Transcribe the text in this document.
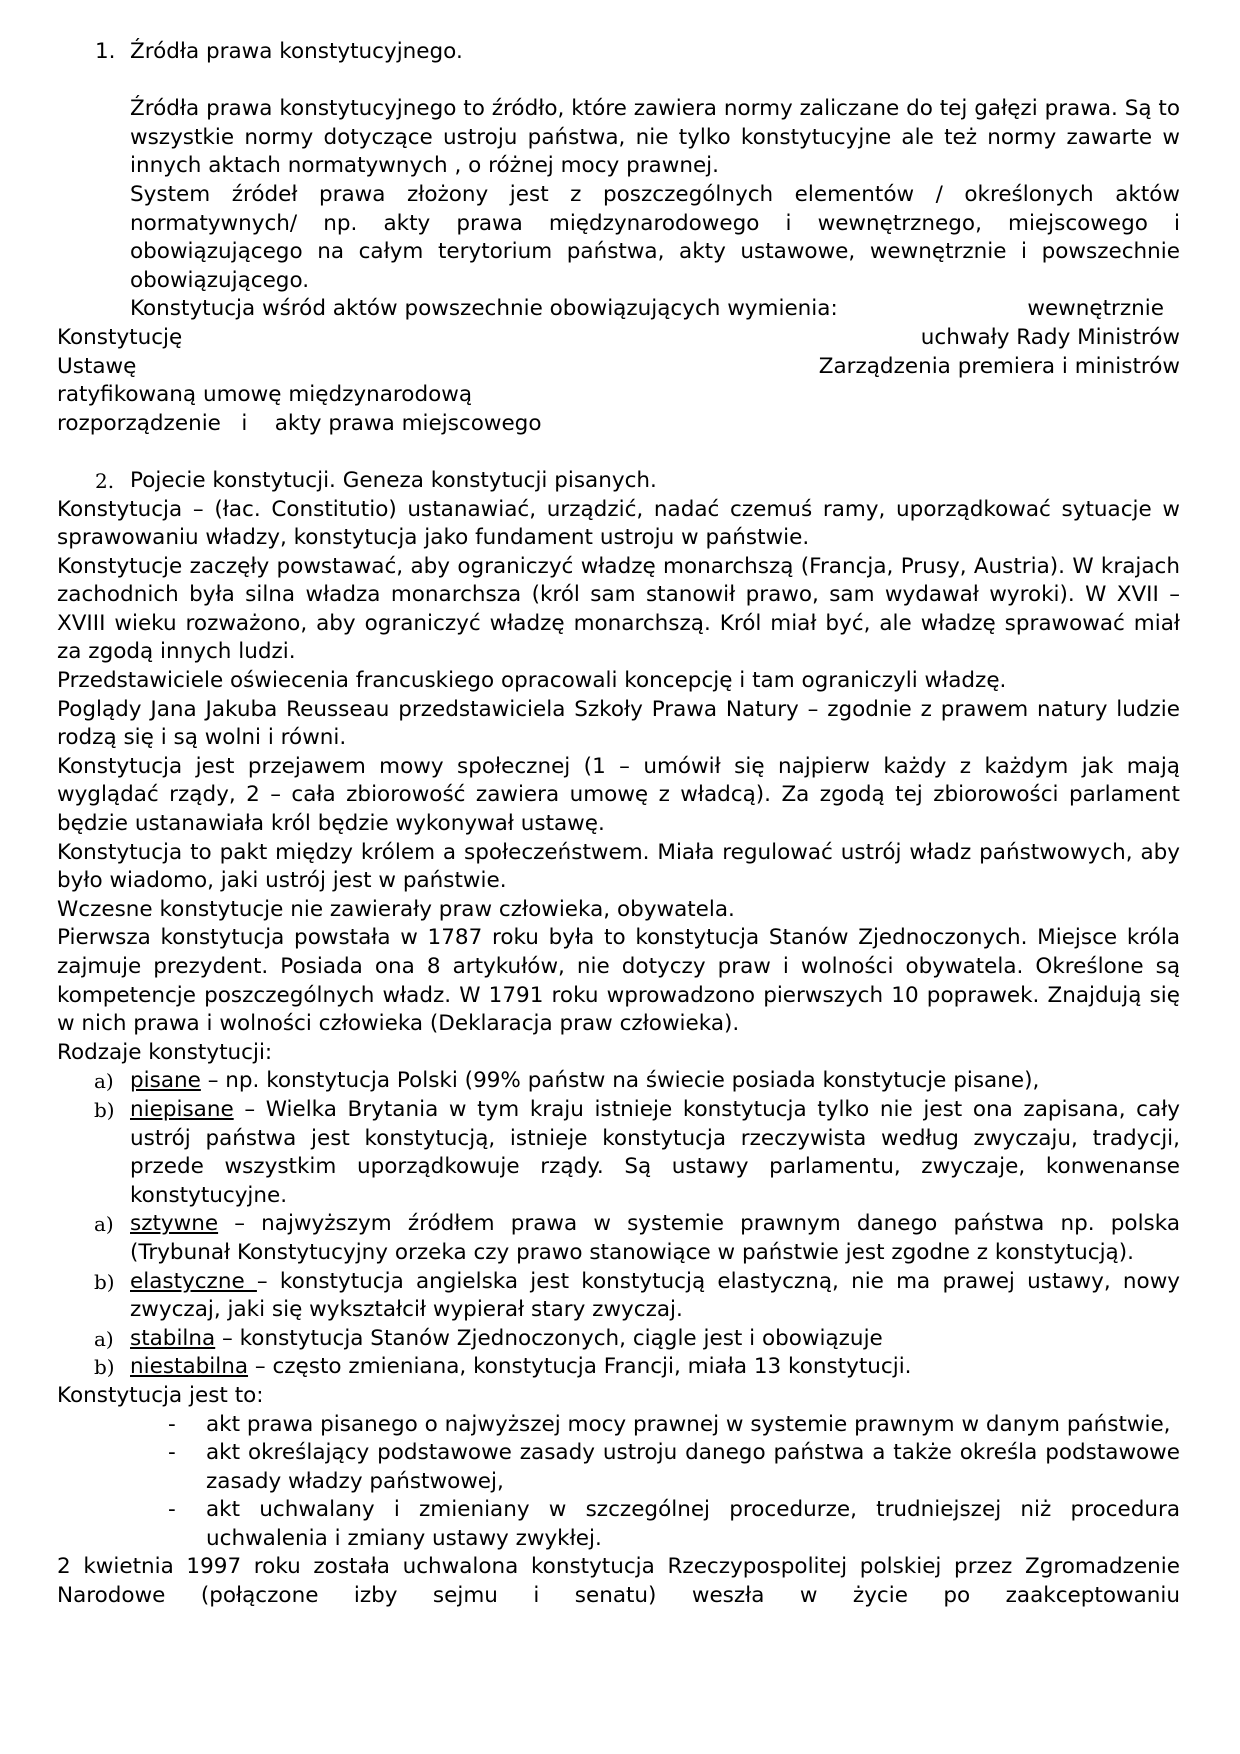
1. Źródła prawa konstytucyjnego.
Źródła prawa konstytucyjnego to źródło, które zawiera normy zaliczane do tej gałęzi prawa. Są to wszystkie normy dotyczące ustroju państwa, nie tylko konstytucyjne ale też normy zawarte w innych aktach normatywnych , o różnej mocy prawnej.
System źródeł prawa złożony jest z poszczególnych elementów / określonych aktów normatywnych/ np. akty prawa międzynarodowego i wewnętrznego, miejscowego i obowiązującego na całym terytorium państwa, akty ustawowe, wewnętrznie i powszechnie obowiązującego.
Konstytucja wśród aktów powszechnie obowiązujących wymienia:	wewnętrznie
Konstytucję	uchwały Rady Ministrów
Ustawę	Zarządzenia premiera i ministrów
ratyfikowaną umowę międzynarodową
rozporządzenie   i    akty prawa miejscowego
2. Pojecie konstytucji. Geneza konstytucji pisanych.
Konstytucja – (łac. Constitutio) ustanawiać, urządzić, nadać czemuś ramy, uporządkować sytuacje w sprawowaniu władzy, konstytucja jako fundament ustroju w państwie.
Konstytucje zaczęły powstawać, aby ograniczyć władzę monarchszą (Francja, Prusy, Austria). W krajach zachodnich była silna władza monarchsza (król sam stanowił prawo, sam wydawał wyroki). W XVII – XVIII wieku rozważono, aby ograniczyć władzę monarchszą. Król miał być, ale władzę sprawować miał za zgodą innych ludzi.
Przedstawiciele oświecenia francuskiego opracowali koncepcję i tam ograniczyli władzę.
Poglądy Jana Jakuba Reusseau przedstawiciela Szkoły Prawa Natury – zgodnie z prawem natury ludzie rodzą się i są wolni i równi.
Konstytucja jest przejawem mowy społecznej (1 – umówił się najpierw każdy z każdym jak mają wyglądać rządy, 2 – cała zbiorowość zawiera umowę z władcą). Za zgodą tej zbiorowości parlament będzie ustanawiała król będzie wykonywał ustawę.
Konstytucja to pakt między królem a społeczeństwem. Miała regulować ustrój władz państwowych, aby było wiadomo, jaki ustrój jest w państwie.
Wczesne konstytucje nie zawierały praw człowieka, obywatela.
Pierwsza konstytucja powstała w 1787 roku była to konstytucja Stanów Zjednoczonych. Miejsce króla zajmuje prezydent. Posiada ona 8 artykułów, nie dotyczy praw i wolności obywatela. Określone są kompetencje poszczególnych władz. W 1791 roku wprowadzono pierwszych 10 poprawek. Znajdują się w nich prawa i wolności człowieka (Deklaracja praw człowieka).
Rodzaje konstytucji:
a) pisane – np. konstytucja Polski (99% państw na świecie posiada konstytucje pisane),
b) niepisane – Wielka Brytania w tym kraju istnieje konstytucja tylko nie jest ona zapisana, cały ustrój państwa jest konstytucją, istnieje konstytucja rzeczywista według zwyczaju, tradycji, przede wszystkim uporządkowuje rządy. Są ustawy parlamentu, zwyczaje, konwenanse konstytucyjne.
a) sztywne – najwyższym źródłem prawa w systemie prawnym danego państwa np. polska (Trybunał Konstytucyjny orzeka czy prawo stanowiące w państwie jest zgodne z konstytucją).
b) elastyczne – konstytucja angielska jest konstytucją elastyczną, nie ma prawej ustawy, nowy zwyczaj, jaki się wykształcił wypierał stary zwyczaj.
a) stabilna – konstytucja Stanów Zjednoczonych, ciągle jest i obowiązuje
b) niestabilna – często zmieniana, konstytucja Francji, miała 13 konstytucji.
Konstytucja jest to:
- akt prawa pisanego o najwyższej mocy prawnej w systemie prawnym w danym państwie,
- akt określający podstawowe zasady ustroju danego państwa a także określa podstawowe zasady władzy państwowej,
- akt uchwalany i zmieniany w szczególnej procedurze, trudniejszej niż procedura uchwalenia i zmiany ustawy zwykłej.
2 kwietnia 1997 roku została uchwalona konstytucja Rzeczypospolitej polskiej przez Zgromadzenie Narodowe (połączone izby sejmu i senatu) weszła w życie po zaakceptowaniu
